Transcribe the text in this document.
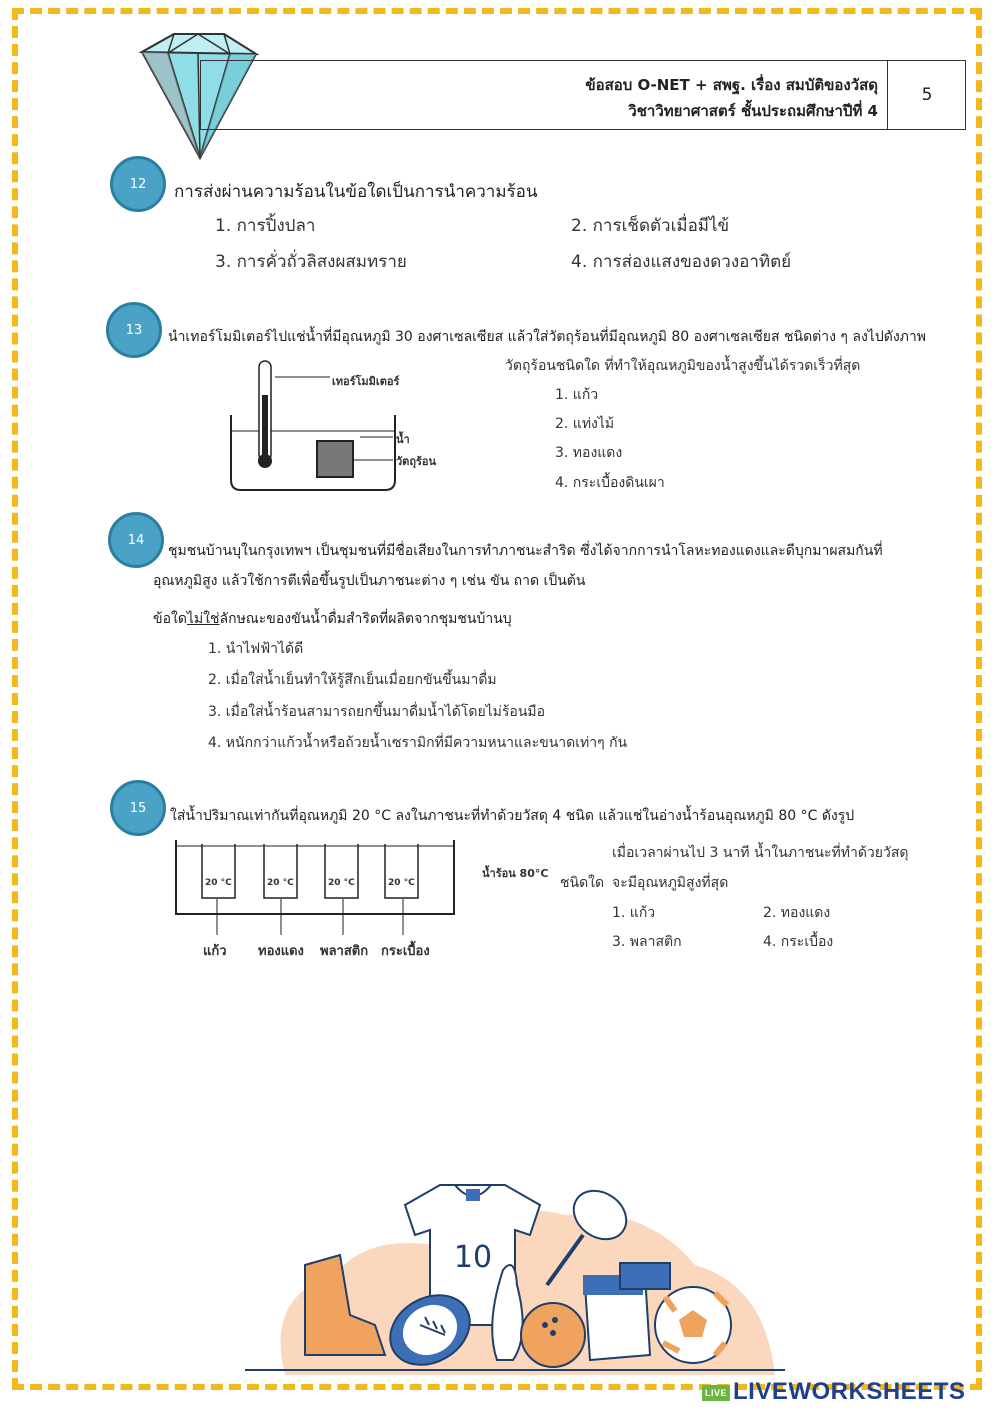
ข้อสอบ O-NET + สพฐ. เรื่อง สมบัติของวัสดุ
วิชาวิทยาศาสตร์ ชั้นประถมศึกษาปีที่ 4
5
12	การส่งผ่านความร้อนในข้อใดเป็นการนำความร้อน
1. การปิ้งปลา	2. การเช็ดตัวเมื่อมีไข้
3. การคั่วถั่วลิสงผสมทราย	4. การส่องแสงของดวงอาทิตย์
13	นำเทอร์โมมิเตอร์ไปแช่น้ำที่มีอุณหภูมิ 30 องศาเซลเซียส แล้วใส่วัตถุร้อนที่มีอุณหภูมิ 80 องศาเซลเซียส ชนิดต่าง ๆ ลงไปดังภาพ
วัตถุร้อนชนิดใด ที่ทำให้อุณหภูมิของน้ำสูงขึ้นได้รวดเร็วที่สุด
1. แก้ว
2. แท่งไม้
3. ทองแดง
4. กระเบื้องดินเผา
เทอร์โมมิเตอร์
น้ำ
วัตถุร้อน
14
ชุมชนบ้านบุในกรุงเทพฯ เป็นชุมชนที่มีชื่อเสียงในการทำภาชนะสำริด ซึ่งได้จากการนำโลหะทองแดงและดีบุกมาผสมกันที่
อุณหภูมิสูง แล้วใช้การตีเพื่อขึ้นรูปเป็นภาชนะต่าง ๆ เช่น ขัน ถาด เป็นต้น
ข้อใดไม่ใช่ลักษณะของขันน้ำดื่มสำริดที่ผลิตจากชุมชนบ้านบุ
1. นำไฟฟ้าได้ดี
2. เมื่อใส่น้ำเย็นทำให้รู้สึกเย็นเมื่อยกขันขึ้นมาดื่ม
3. เมื่อใส่น้ำร้อนสามารถยกขึ้นมาดื่มน้ำได้โดยไม่ร้อนมือ
4. หนักกว่าแก้วน้ำหรือถ้วยน้ำเซรามิกที่มีความหนาและขนาดเท่าๆ กัน
15	ใส่น้ำปริมาณเท่ากันที่อุณหภูมิ 20 °C ลงในภาชนะที่ทำด้วยวัสดุ 4 ชนิด แล้วแช่ในอ่างน้ำร้อนอุณหภูมิ 80 °C ดังรูป
20 °C	20 °C	20 °C	20 °C
แก้ว ทองแดง พลาสติก กระเบื้อง
น้ำร้อน 80°C
เมื่อเวลาผ่านไป 3 นาที น้ำในภาชนะที่ทำด้วยวัสดุ
ชนิดใด จะมีอุณหภูมิสูงที่สุด
1. แก้ว	2. ทองแดง
3. พลาสติก	4. กระเบื้อง
10
LIVE LIVEWORKSHEETS
